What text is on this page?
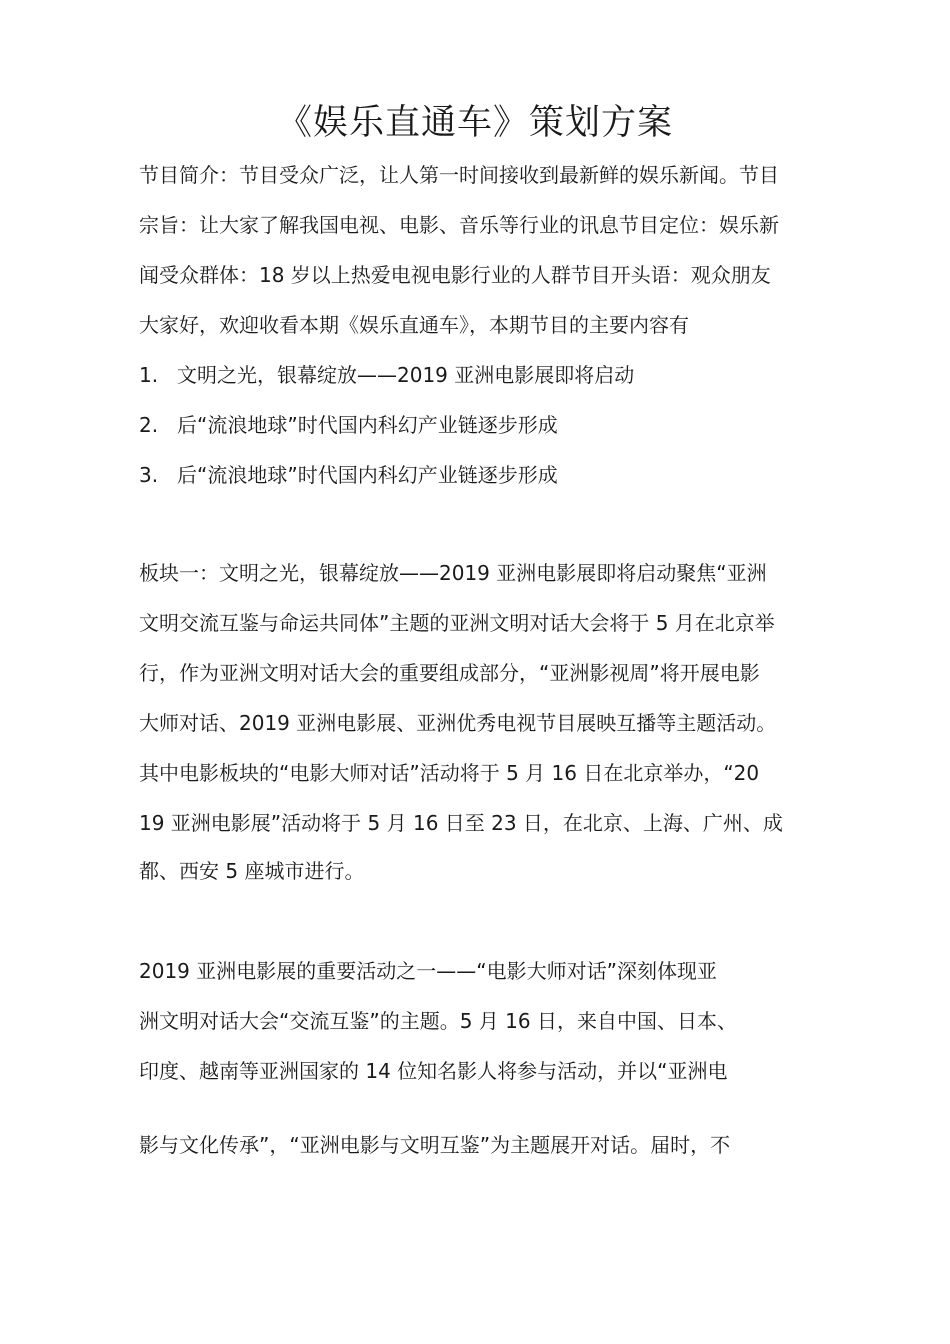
《娱乐直通车》策划方案

节目简介：节目受众广泛，让人第一时间接收到最新鲜的娱乐新闻。节目

宗旨：让大家了解我国电视、电影、音乐等行业的讯息节目定位：娱乐新

闻受众群体：18 岁以上热爱电视电影行业的人群节目开头语：观众朋友

大家好，欢迎收看本期《娱乐直通车》，本期节目的主要内容有

1. 文明之光，银幕绽放——2019 亚洲电影展即将启动

2. 后“流浪地球”时代国内科幻产业链逐步形成

3. 后“流浪地球”时代国内科幻产业链逐步形成

板块一：文明之光，银幕绽放——2019 亚洲电影展即将启动聚焦“亚洲

文明交流互鉴与命运共同体”主题的亚洲文明对话大会将于 5 月在北京举

行，作为亚洲文明对话大会的重要组成部分，“亚洲影视周”将开展电影

大师对话、2019 亚洲电影展、亚洲优秀电视节目展映互播等主题活动。

其中电影板块的“电影大师对话”活动将于 5 月 16 日在北京举办，“20

19 亚洲电影展”活动将于 5 月 16 日至 23 日，在北京、上海、广州、成

都、西安 5 座城市进行。

2019 亚洲电影展的重要活动之一——“电影大师对话”深刻体现亚

洲文明对话大会“交流互鉴”的主题。5 月 16 日，来自中国、日本、

印度、越南等亚洲国家的 14 位知名影人将参与活动，并以“亚洲电

影与文化传承”，“亚洲电影与文明互鉴”为主题展开对话。届时，不
